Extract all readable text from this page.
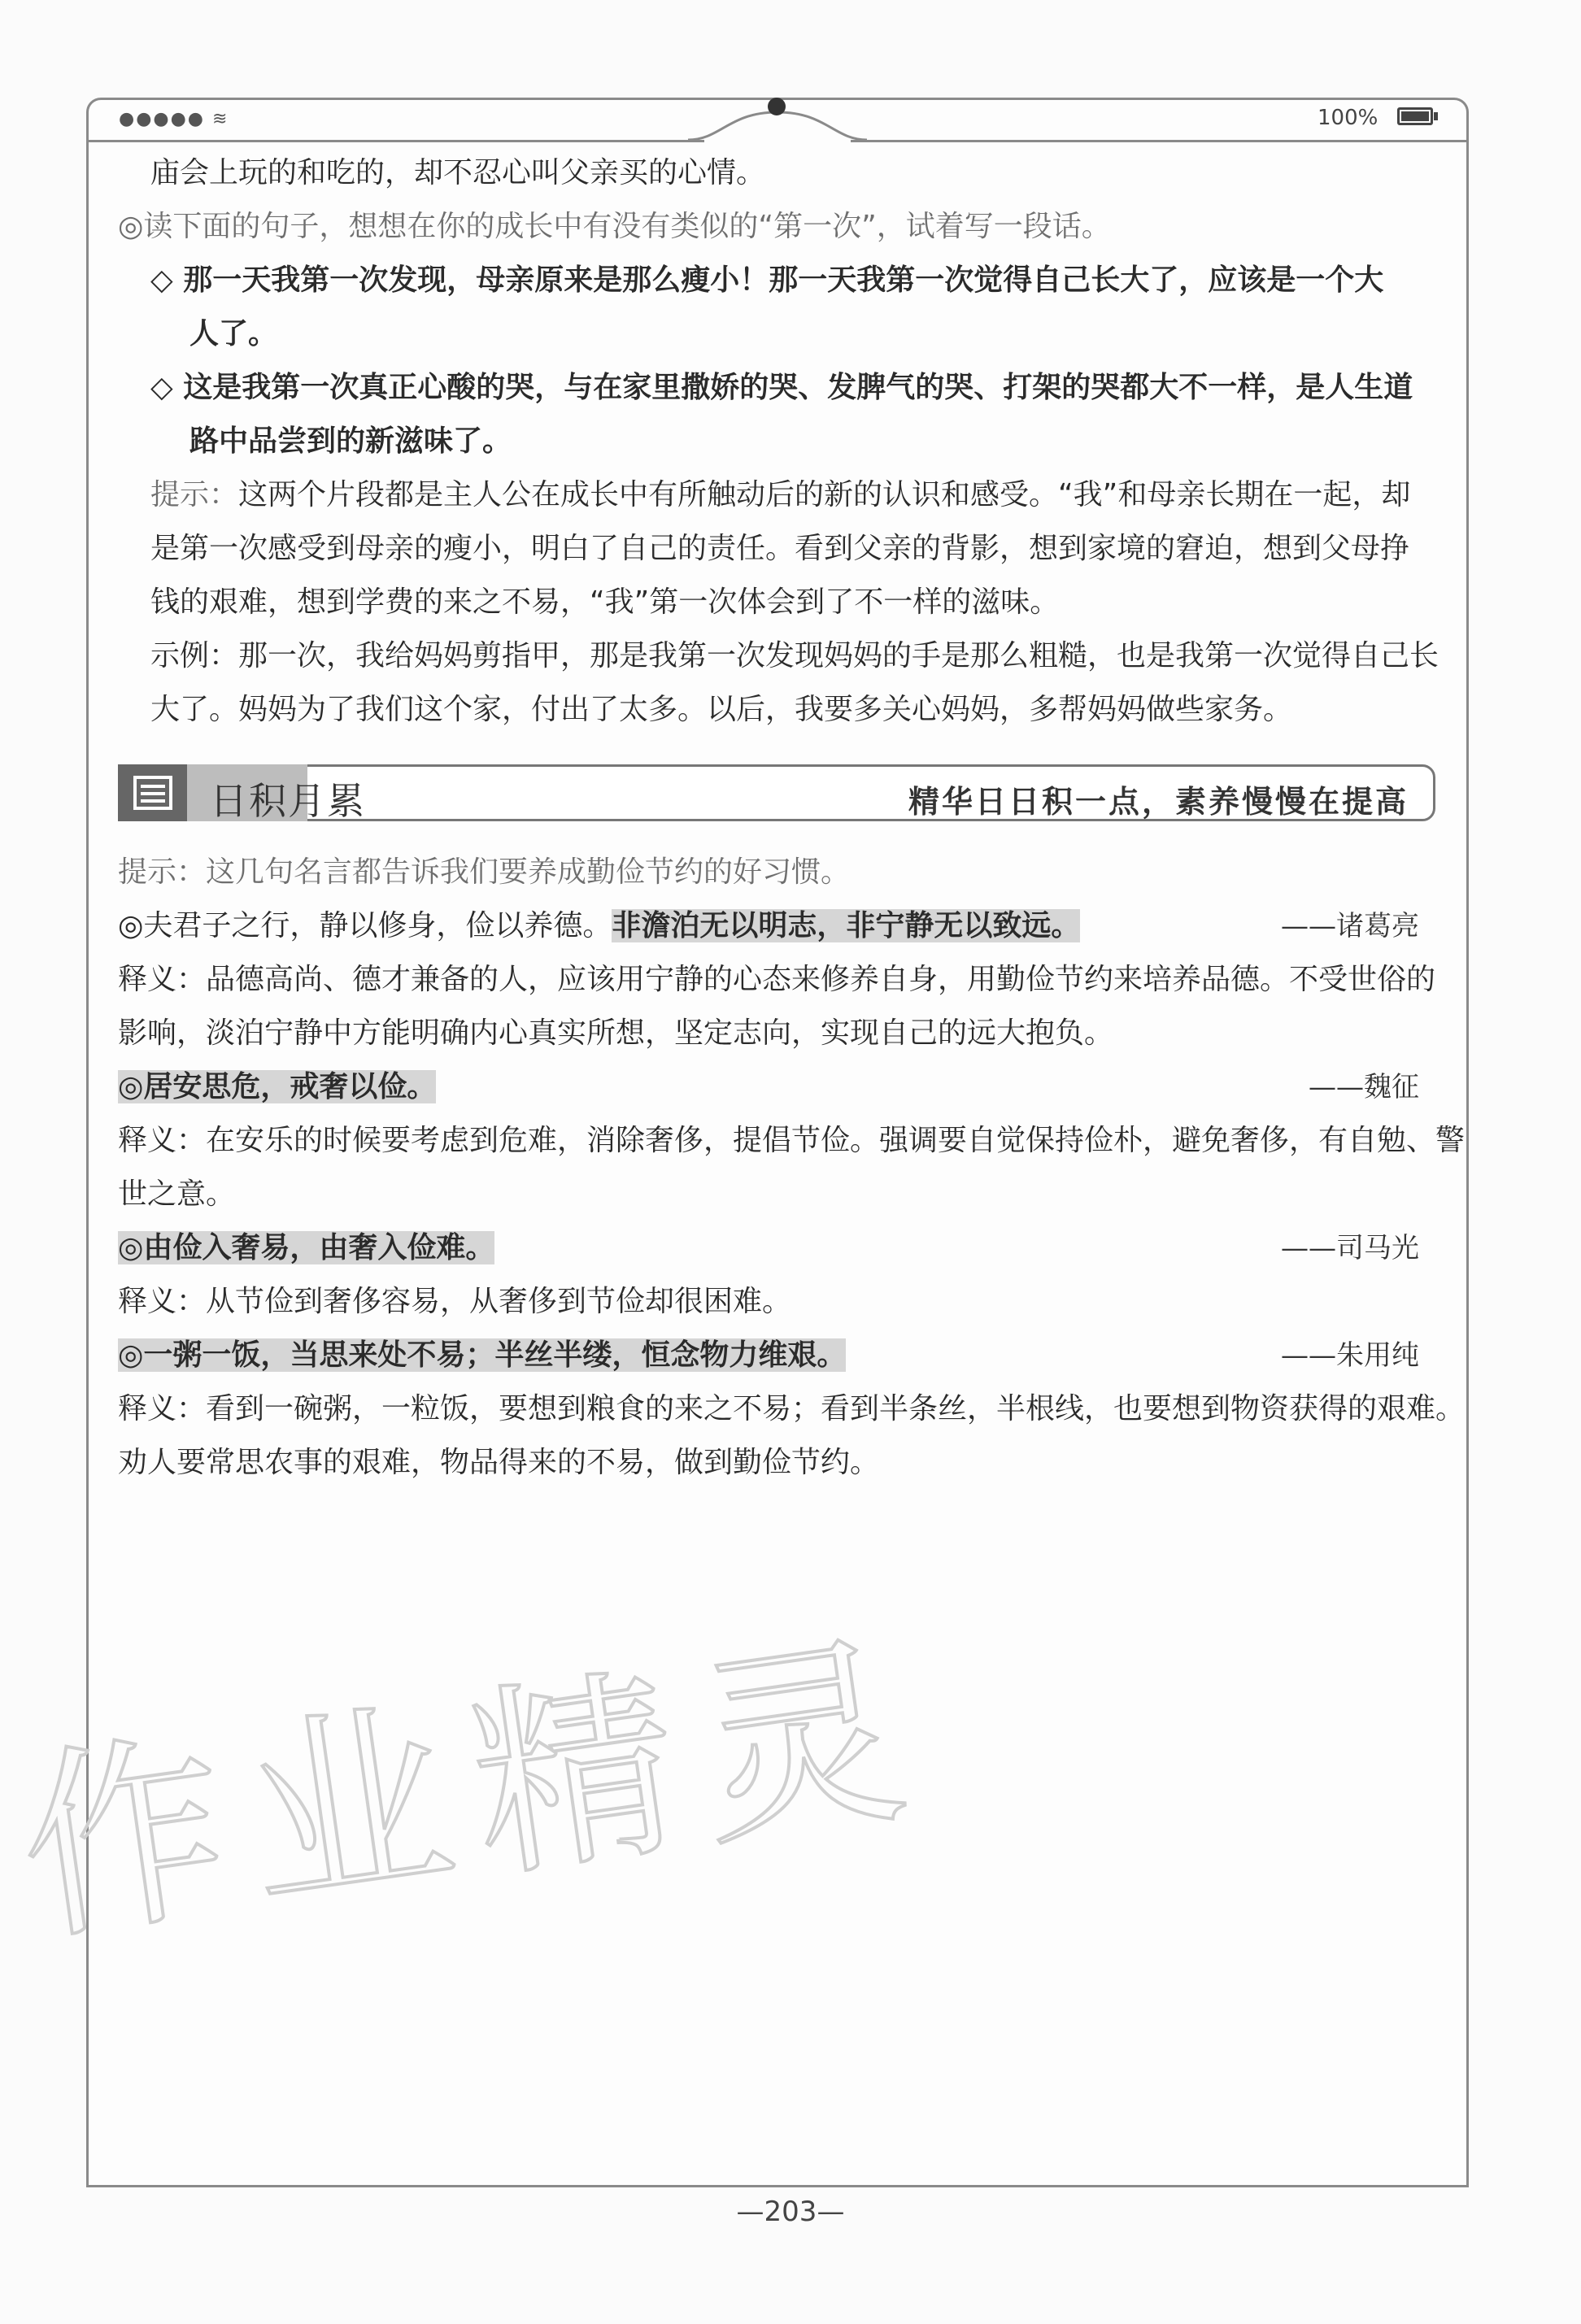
●●●●● ≋	100%
庙会上玩的和吃的，却不忍心叫父亲买的心情。
◎读下面的句子，想想在你的成长中有没有类似的“第一次”，试着写一段话。
◇ 那一天我第一次发现，母亲原来是那么瘦小！那一天我第一次觉得自己长大了，应该是一个大
人了。
◇ 这是我第一次真正心酸的哭，与在家里撒娇的哭、发脾气的哭、打架的哭都大不一样，是人生道
路中品尝到的新滋味了。
提示：这两个片段都是主人公在成长中有所触动后的新的认识和感受。“我”和母亲长期在一起，却
是第一次感受到母亲的瘦小，明白了自己的责任。看到父亲的背影，想到家境的窘迫，想到父母挣
钱的艰难，想到学费的来之不易，“我”第一次体会到了不一样的滋味。
示例：那一次，我给妈妈剪指甲，那是我第一次发现妈妈的手是那么粗糙，也是我第一次觉得自己长
大了。妈妈为了我们这个家，付出了太多。以后，我要多关心妈妈，多帮妈妈做些家务。
日积月累	精华日日积一点，素养慢慢在提高
提示：这几句名言都告诉我们要养成勤俭节约的好习惯。
◎夫君子之行，静以修身，俭以养德。非澹泊无以明志，非宁静无以致远。	——诸葛亮
释义：品德高尚、德才兼备的人，应该用宁静的心态来修养自身，用勤俭节约来培养品德。不受世俗的
影响，淡泊宁静中方能明确内心真实所想，坚定志向，实现自己的远大抱负。
◎居安思危，戒奢以俭。	——魏征
释义：在安乐的时候要考虑到危难，消除奢侈，提倡节俭。强调要自觉保持俭朴，避免奢侈，有自勉、警
世之意。
◎由俭入奢易，由奢入俭难。	——司马光
释义：从节俭到奢侈容易，从奢侈到节俭却很困难。
◎一粥一饭，当思来处不易；半丝半缕，恒念物力维艰。	——朱用纯
释义：看到一碗粥，一粒饭，要想到粮食的来之不易；看到半条丝，半根线，也要想到物资获得的艰难。
劝人要常思农事的艰难，物品得来的不易，做到勤俭节约。
作业精灵
—203—
